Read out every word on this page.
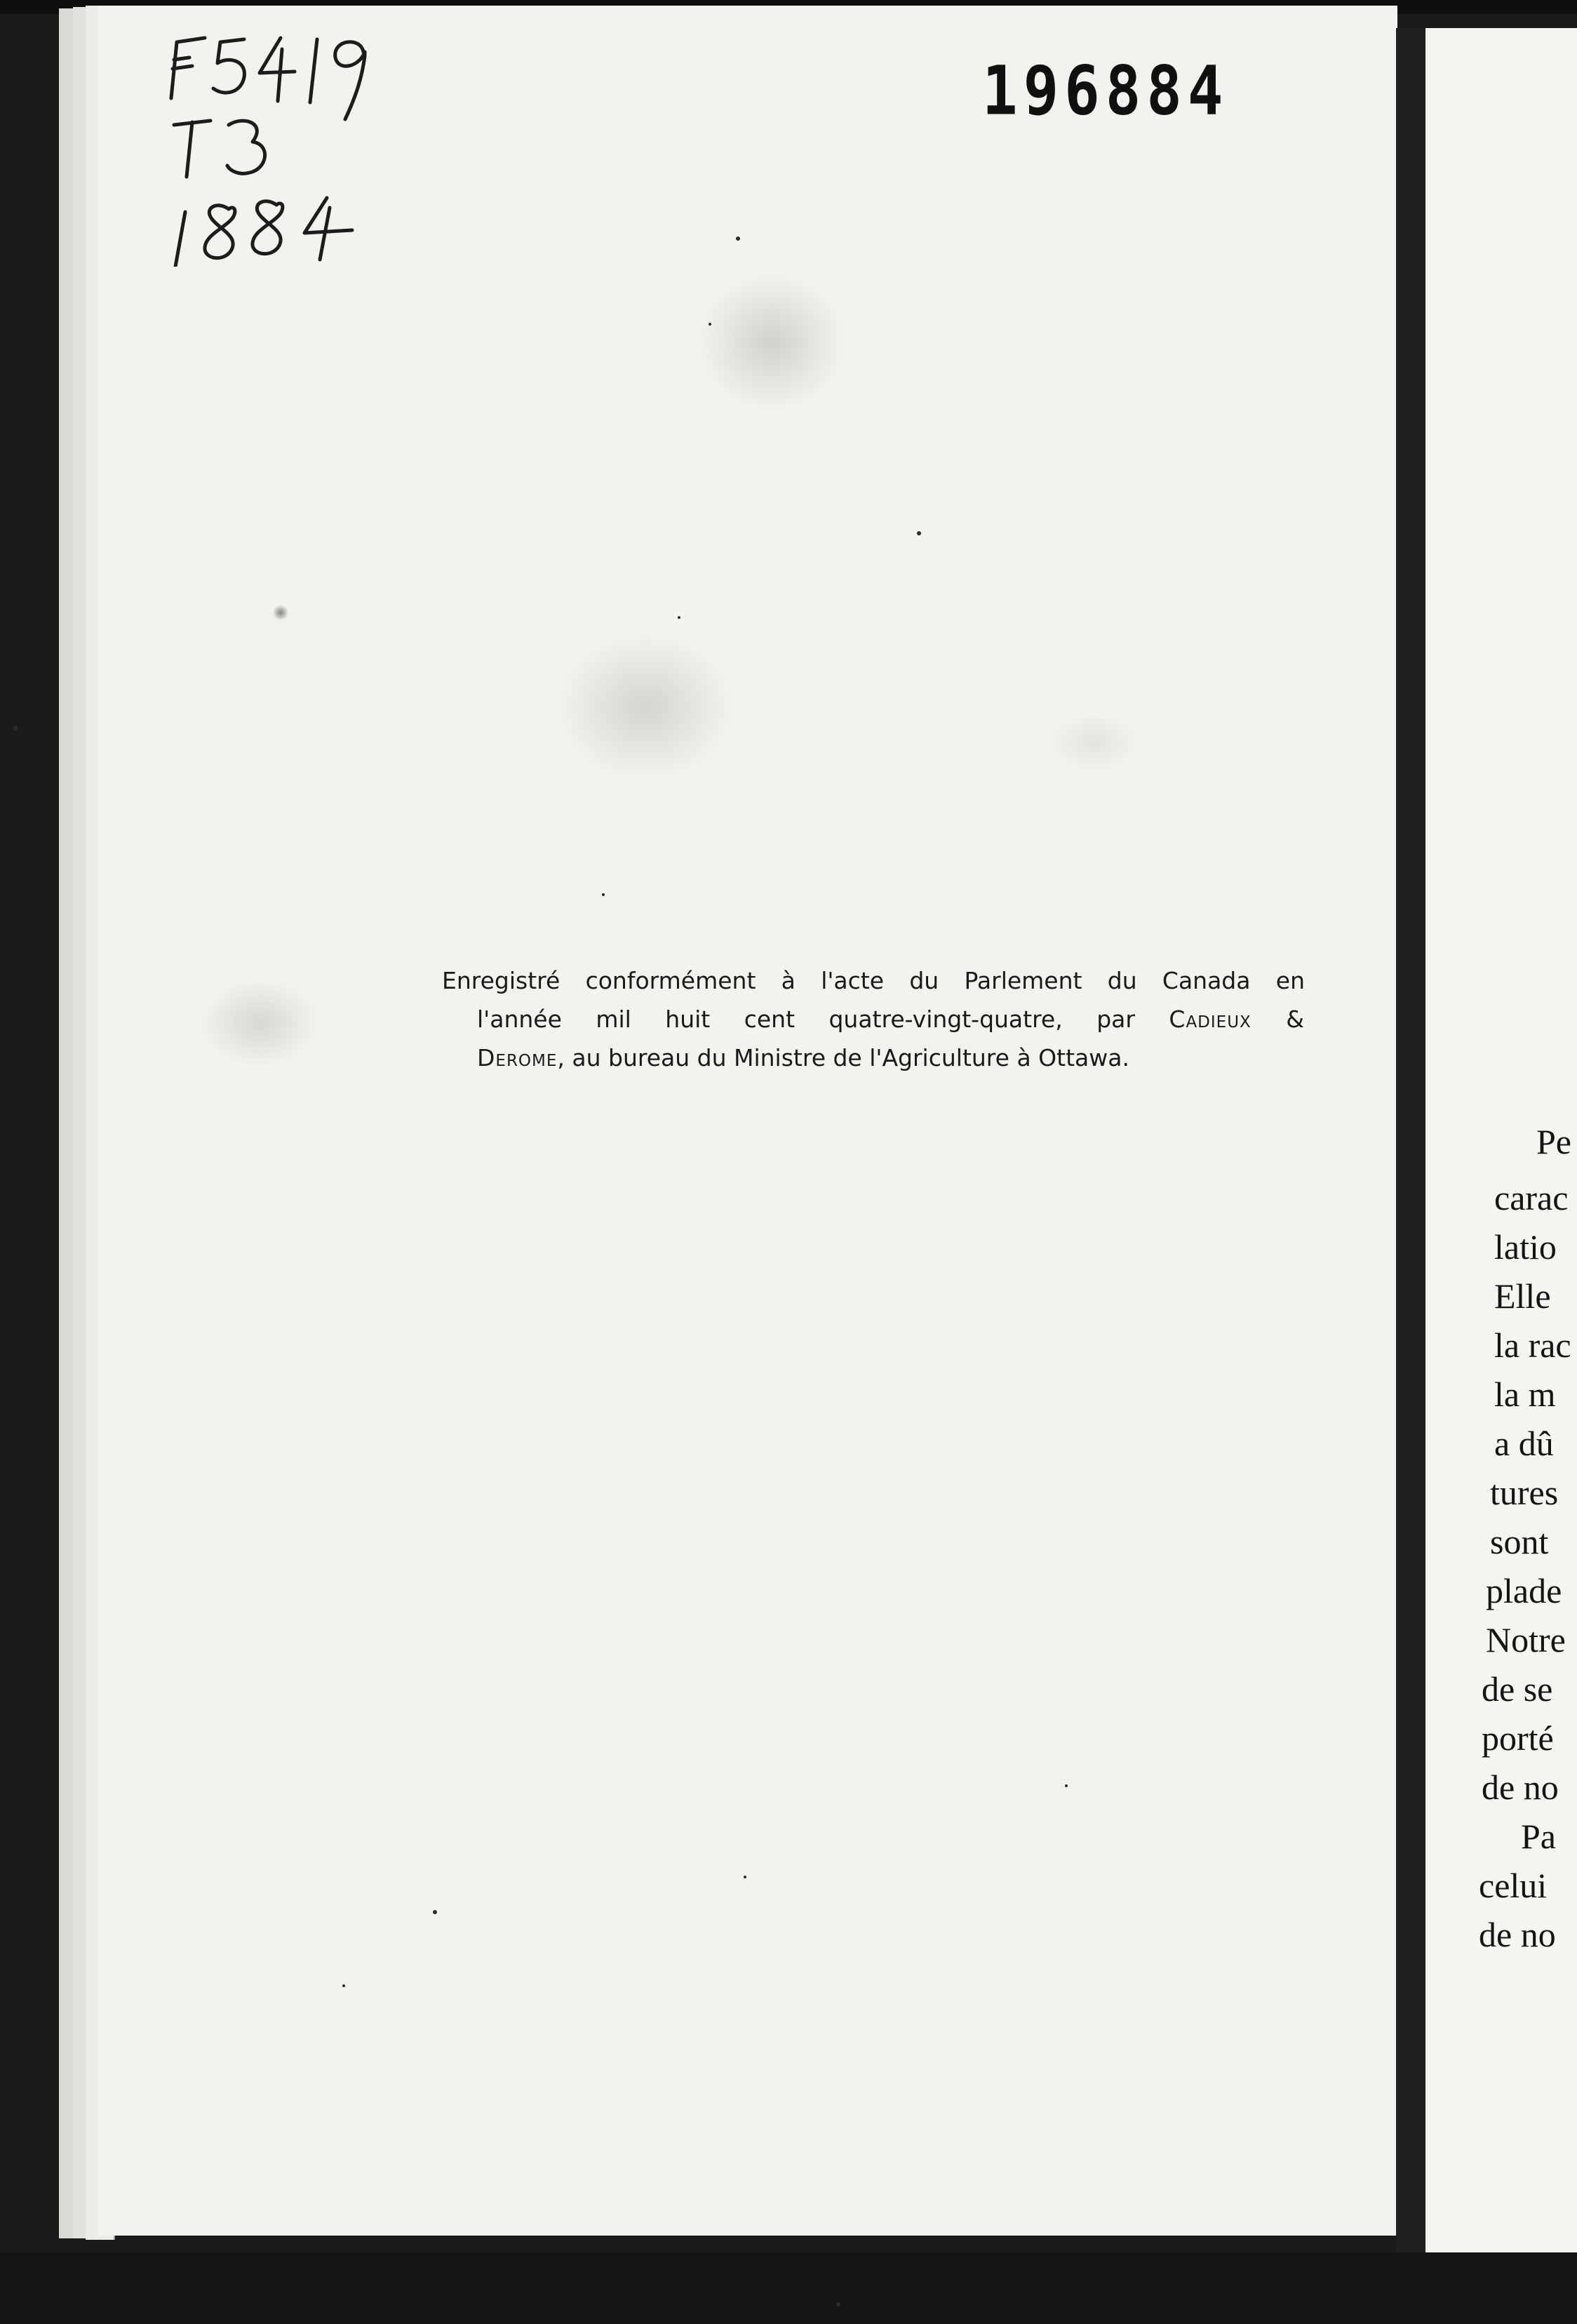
Pe
carac
latio
Elle
la rac
la m
a dû
tures
sont
plade
Notre
de se
porté
de no
Pa
celui
de no
196884
Enregistré conformément à l'acte du Parlement du Canada en
l'année mil huit cent quatre-vingt-quatre, par Cadieux &
Derome, au bureau du Ministre de l'Agriculture à Ottawa.
